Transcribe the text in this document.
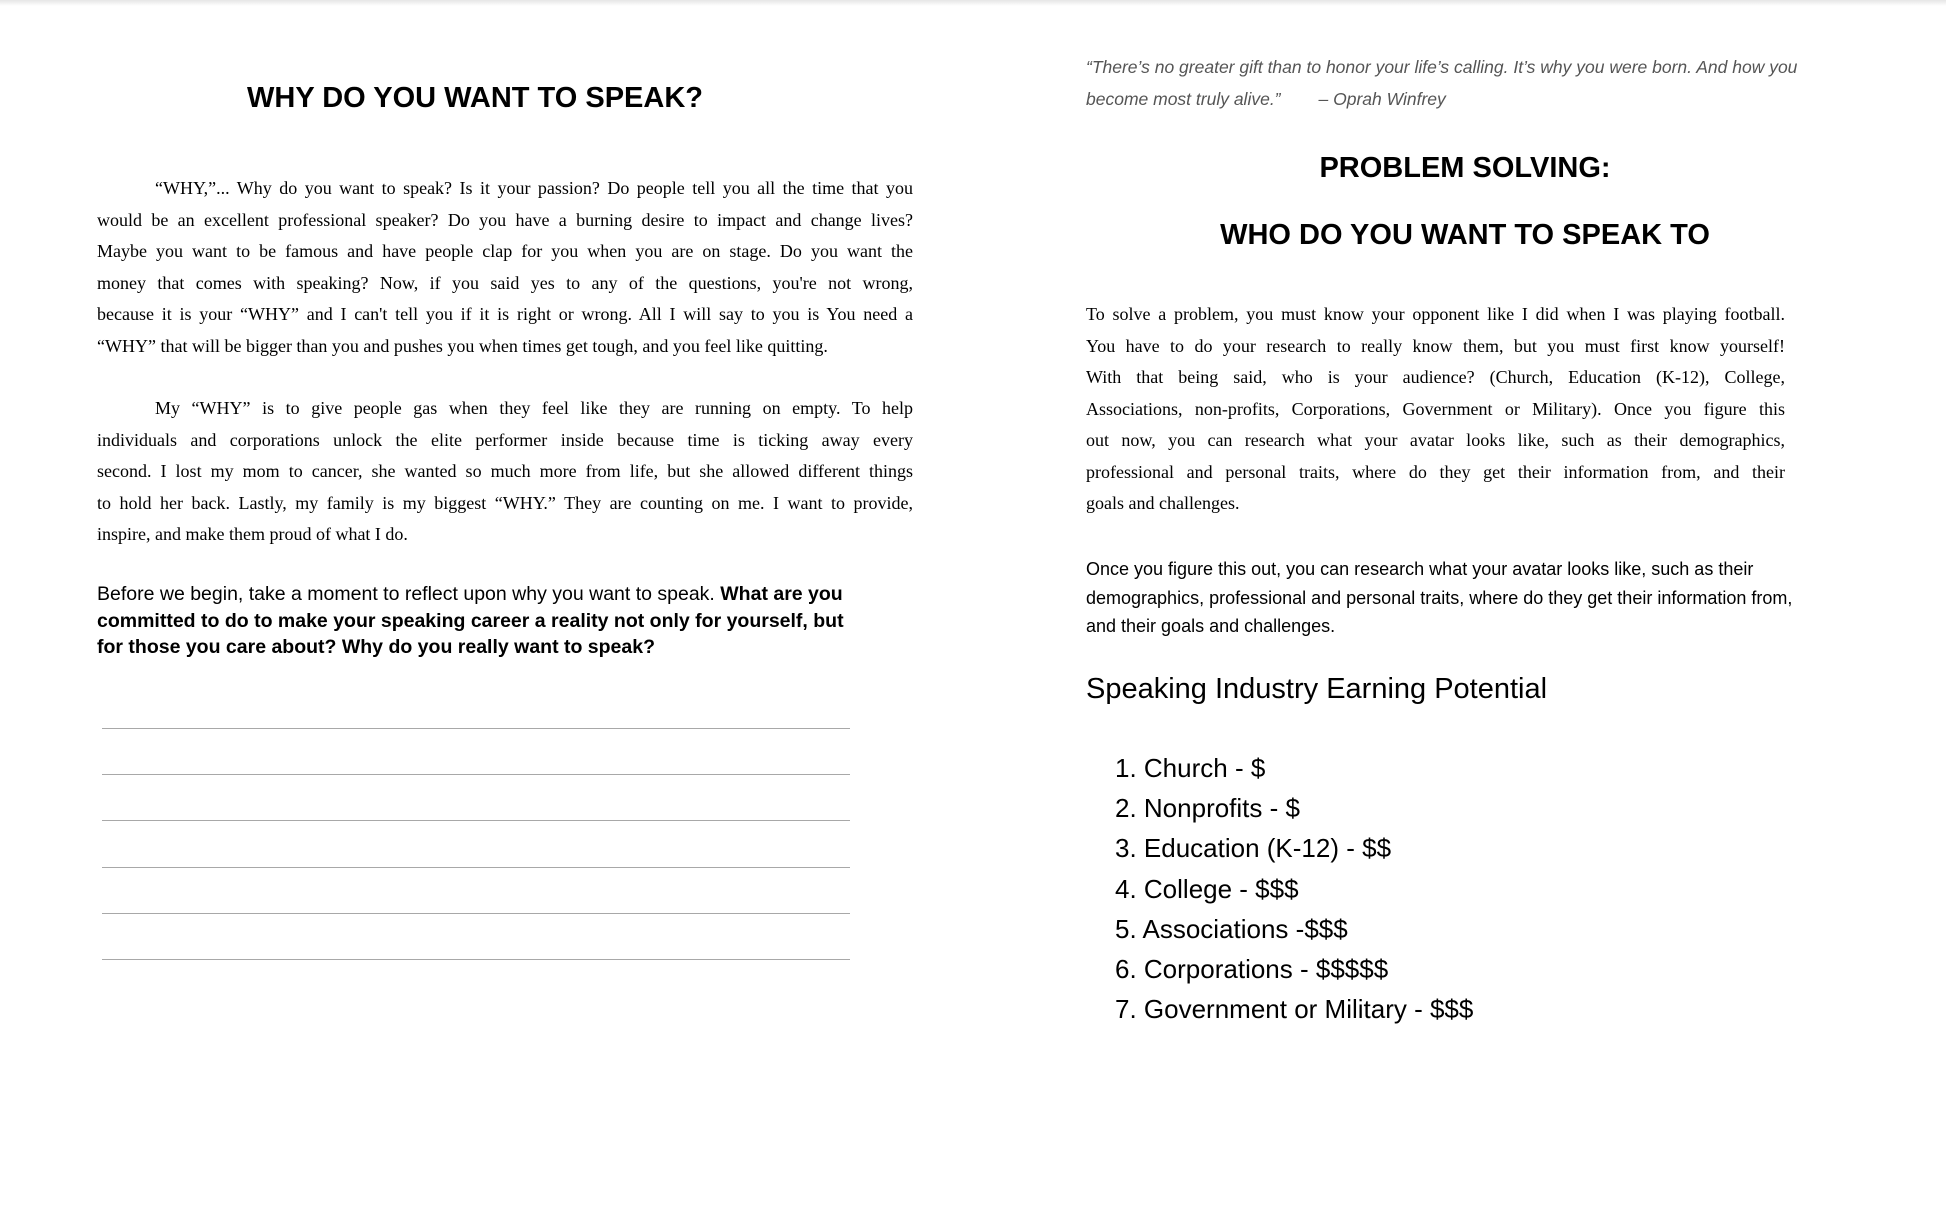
WHY DO YOU WANT TO SPEAK?
“WHY,”... Why do you want to speak? Is it your passion? Do people tell you all the time that you
would be an excellent professional speaker? Do you have a burning desire to impact and change lives?
Maybe you want to be famous and have people clap for you when you are on stage. Do you want the
money that comes with speaking? Now, if you said yes to any of the questions, you're not wrong,
because it is your “WHY” and I can't tell you if it is right or wrong. All I will say to you is You need a
“WHY” that will be bigger than you and pushes you when times get tough, and you feel like quitting.
My “WHY” is to give people gas when they feel like they are running on empty. To help
individuals and corporations unlock the elite performer inside because time is ticking away every
second. I lost my mom to cancer, she wanted so much more from life, but she allowed different things
to hold her back. Lastly, my family is my biggest “WHY.” They are counting on me. I want to provide,
inspire, and make them proud of what I do.
Before we begin, take a moment to reflect upon why you want to speak. What are you committed to do to make your speaking career a reality not only for yourself, but for those you care about? Why do you really want to speak?
“There’s no greater gift than to honor your life’s calling. It’s why you were born. And how you
become most truly alive.” – Oprah Winfrey
PROBLEM SOLVING:
WHO DO YOU WANT TO SPEAK TO
To solve a problem, you must know your opponent like I did when I was playing football.
You have to do your research to really know them, but you must first know yourself!
With that being said, who is your audience? (Church, Education (K-12), College,
Associations, non-profits, Corporations, Government or Military). Once you figure this
out now, you can research what your avatar looks like, such as their demographics,
professional and personal traits, where do they get their information from, and their
goals and challenges.
Once you figure this out, you can research what your avatar looks like, such as their demographics, professional and personal traits, where do they get their information from, and their goals and challenges.
Speaking Industry Earning Potential
1. Church - $
2. Nonprofits - $
3. Education (K-12) - $$
4. College - $$$
5. Associations -$$$
6. Corporations - $$$$$
7. Government or Military - $$$
